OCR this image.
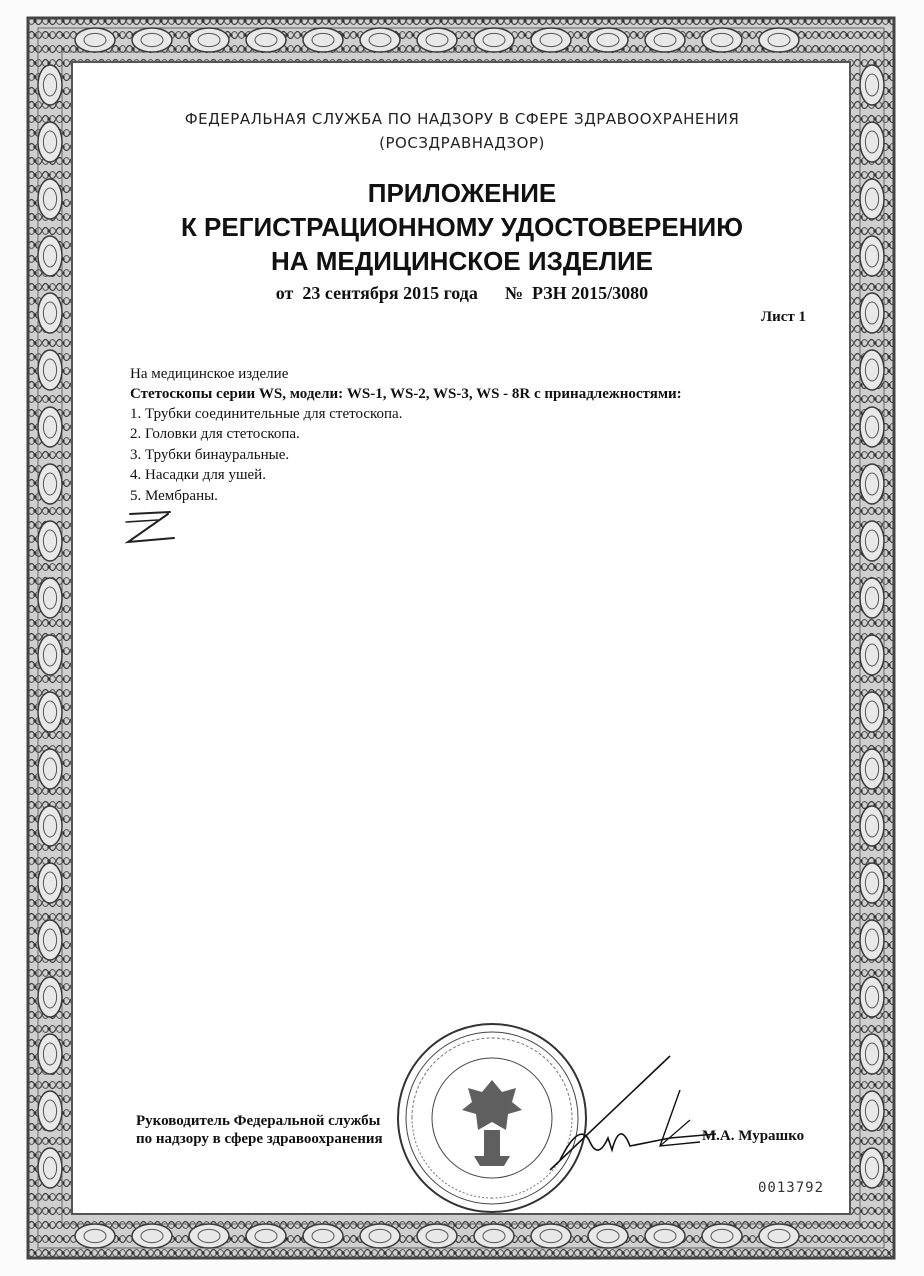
ФЕДЕРАЛЬНАЯ СЛУЖБА ПО НАДЗОРУ В СФЕРЕ ЗДРАВООХРАНЕНИЯ
(РОСЗДРАВНАДЗОР)
ПРИЛОЖЕНИЕ
К РЕГИСТРАЦИОННОМУ УДОСТОВЕРЕНИЮ
НА МЕДИЦИНСКОЕ ИЗДЕЛИЕ
от  23 сентября 2015 года      №  РЗН 2015/3080
Лист 1
На медицинское изделие
Стетоскопы серии WS, модели: WS-1, WS-2, WS-3, WS - 8R с принадлежностями:
1. Трубки соединительные для стетоскопа.
2. Головки для стетоскопа.
3. Трубки бинауральные.
4. Насадки для ушей.
5. Мембраны.
Руководитель Федеральной службы
по надзору в сфере здравоохранения	М.А. Мурашко
0013792
